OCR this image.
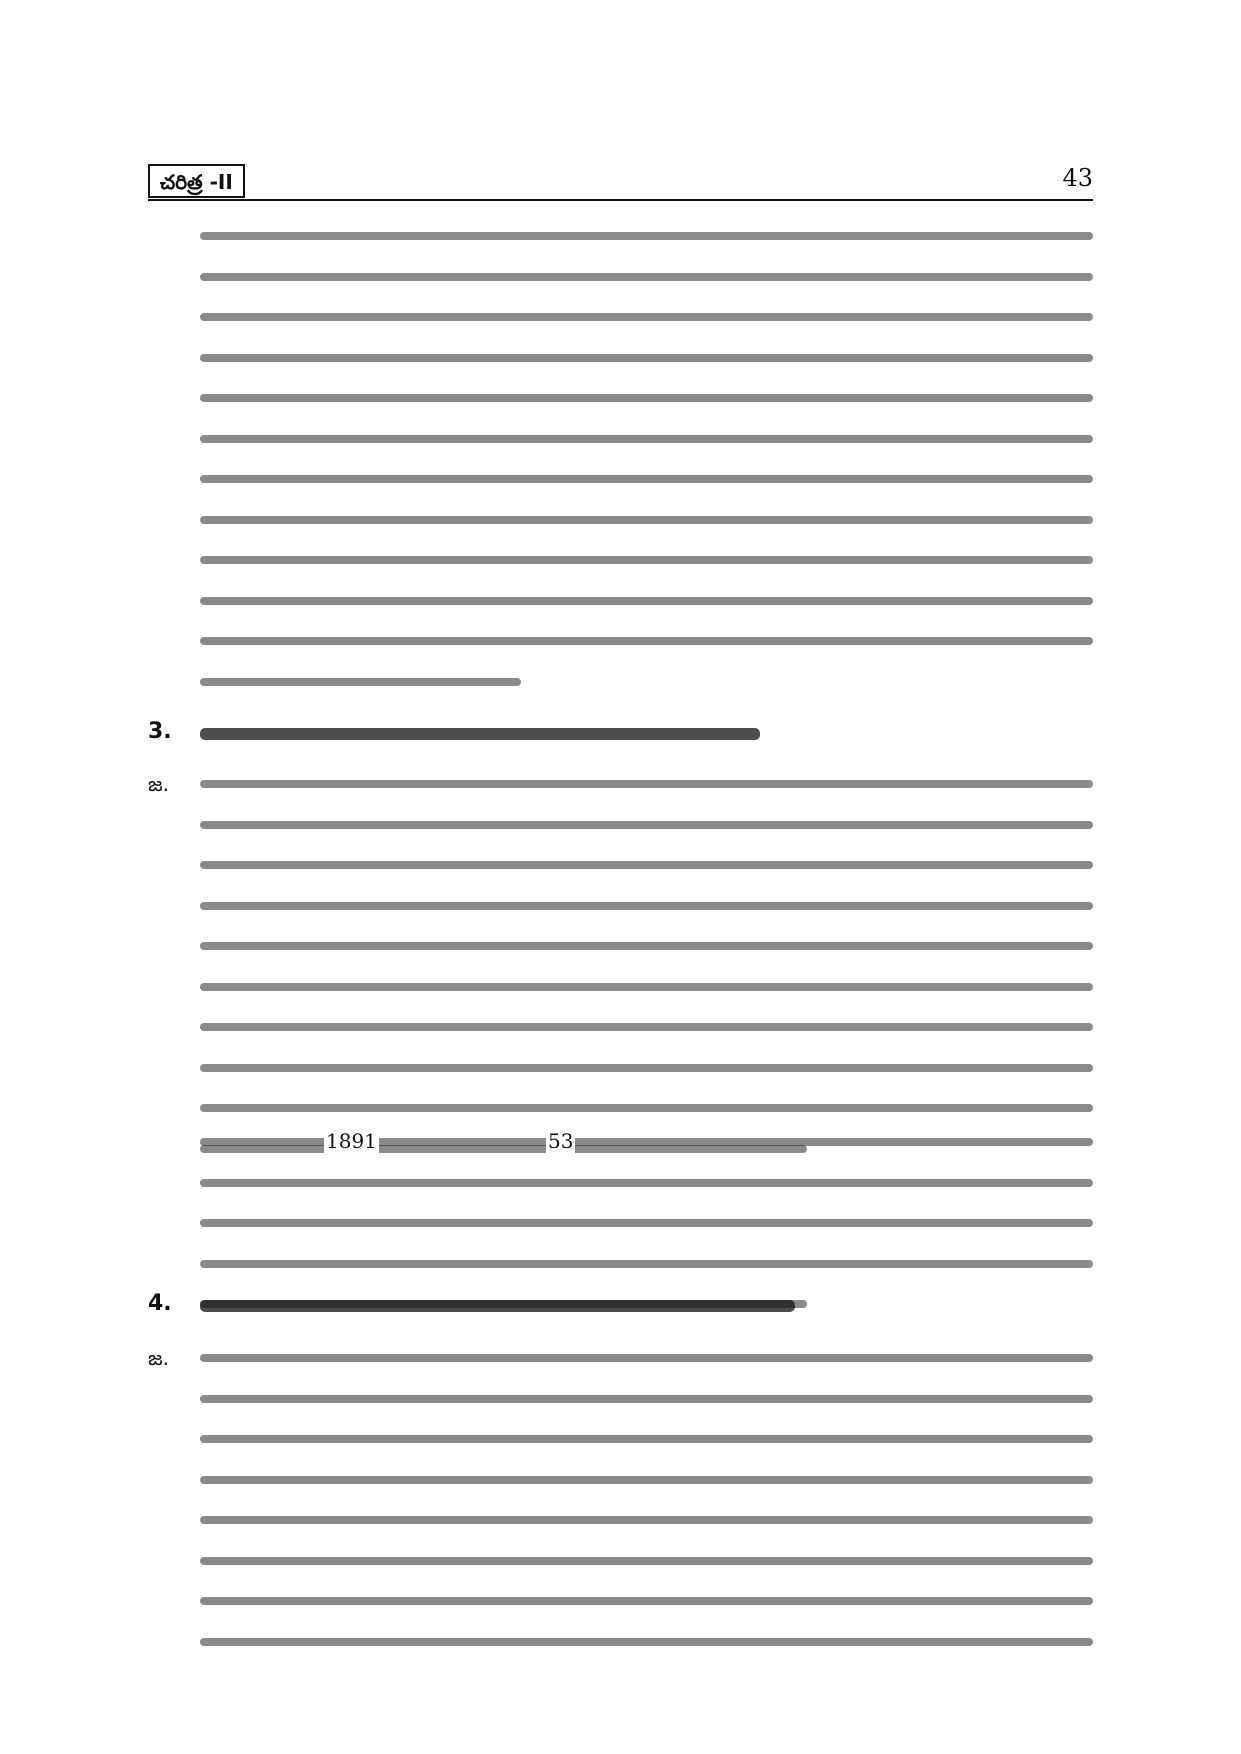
చరిత్ర -II	43
3.
జ.
1891	53
4.
జ.
